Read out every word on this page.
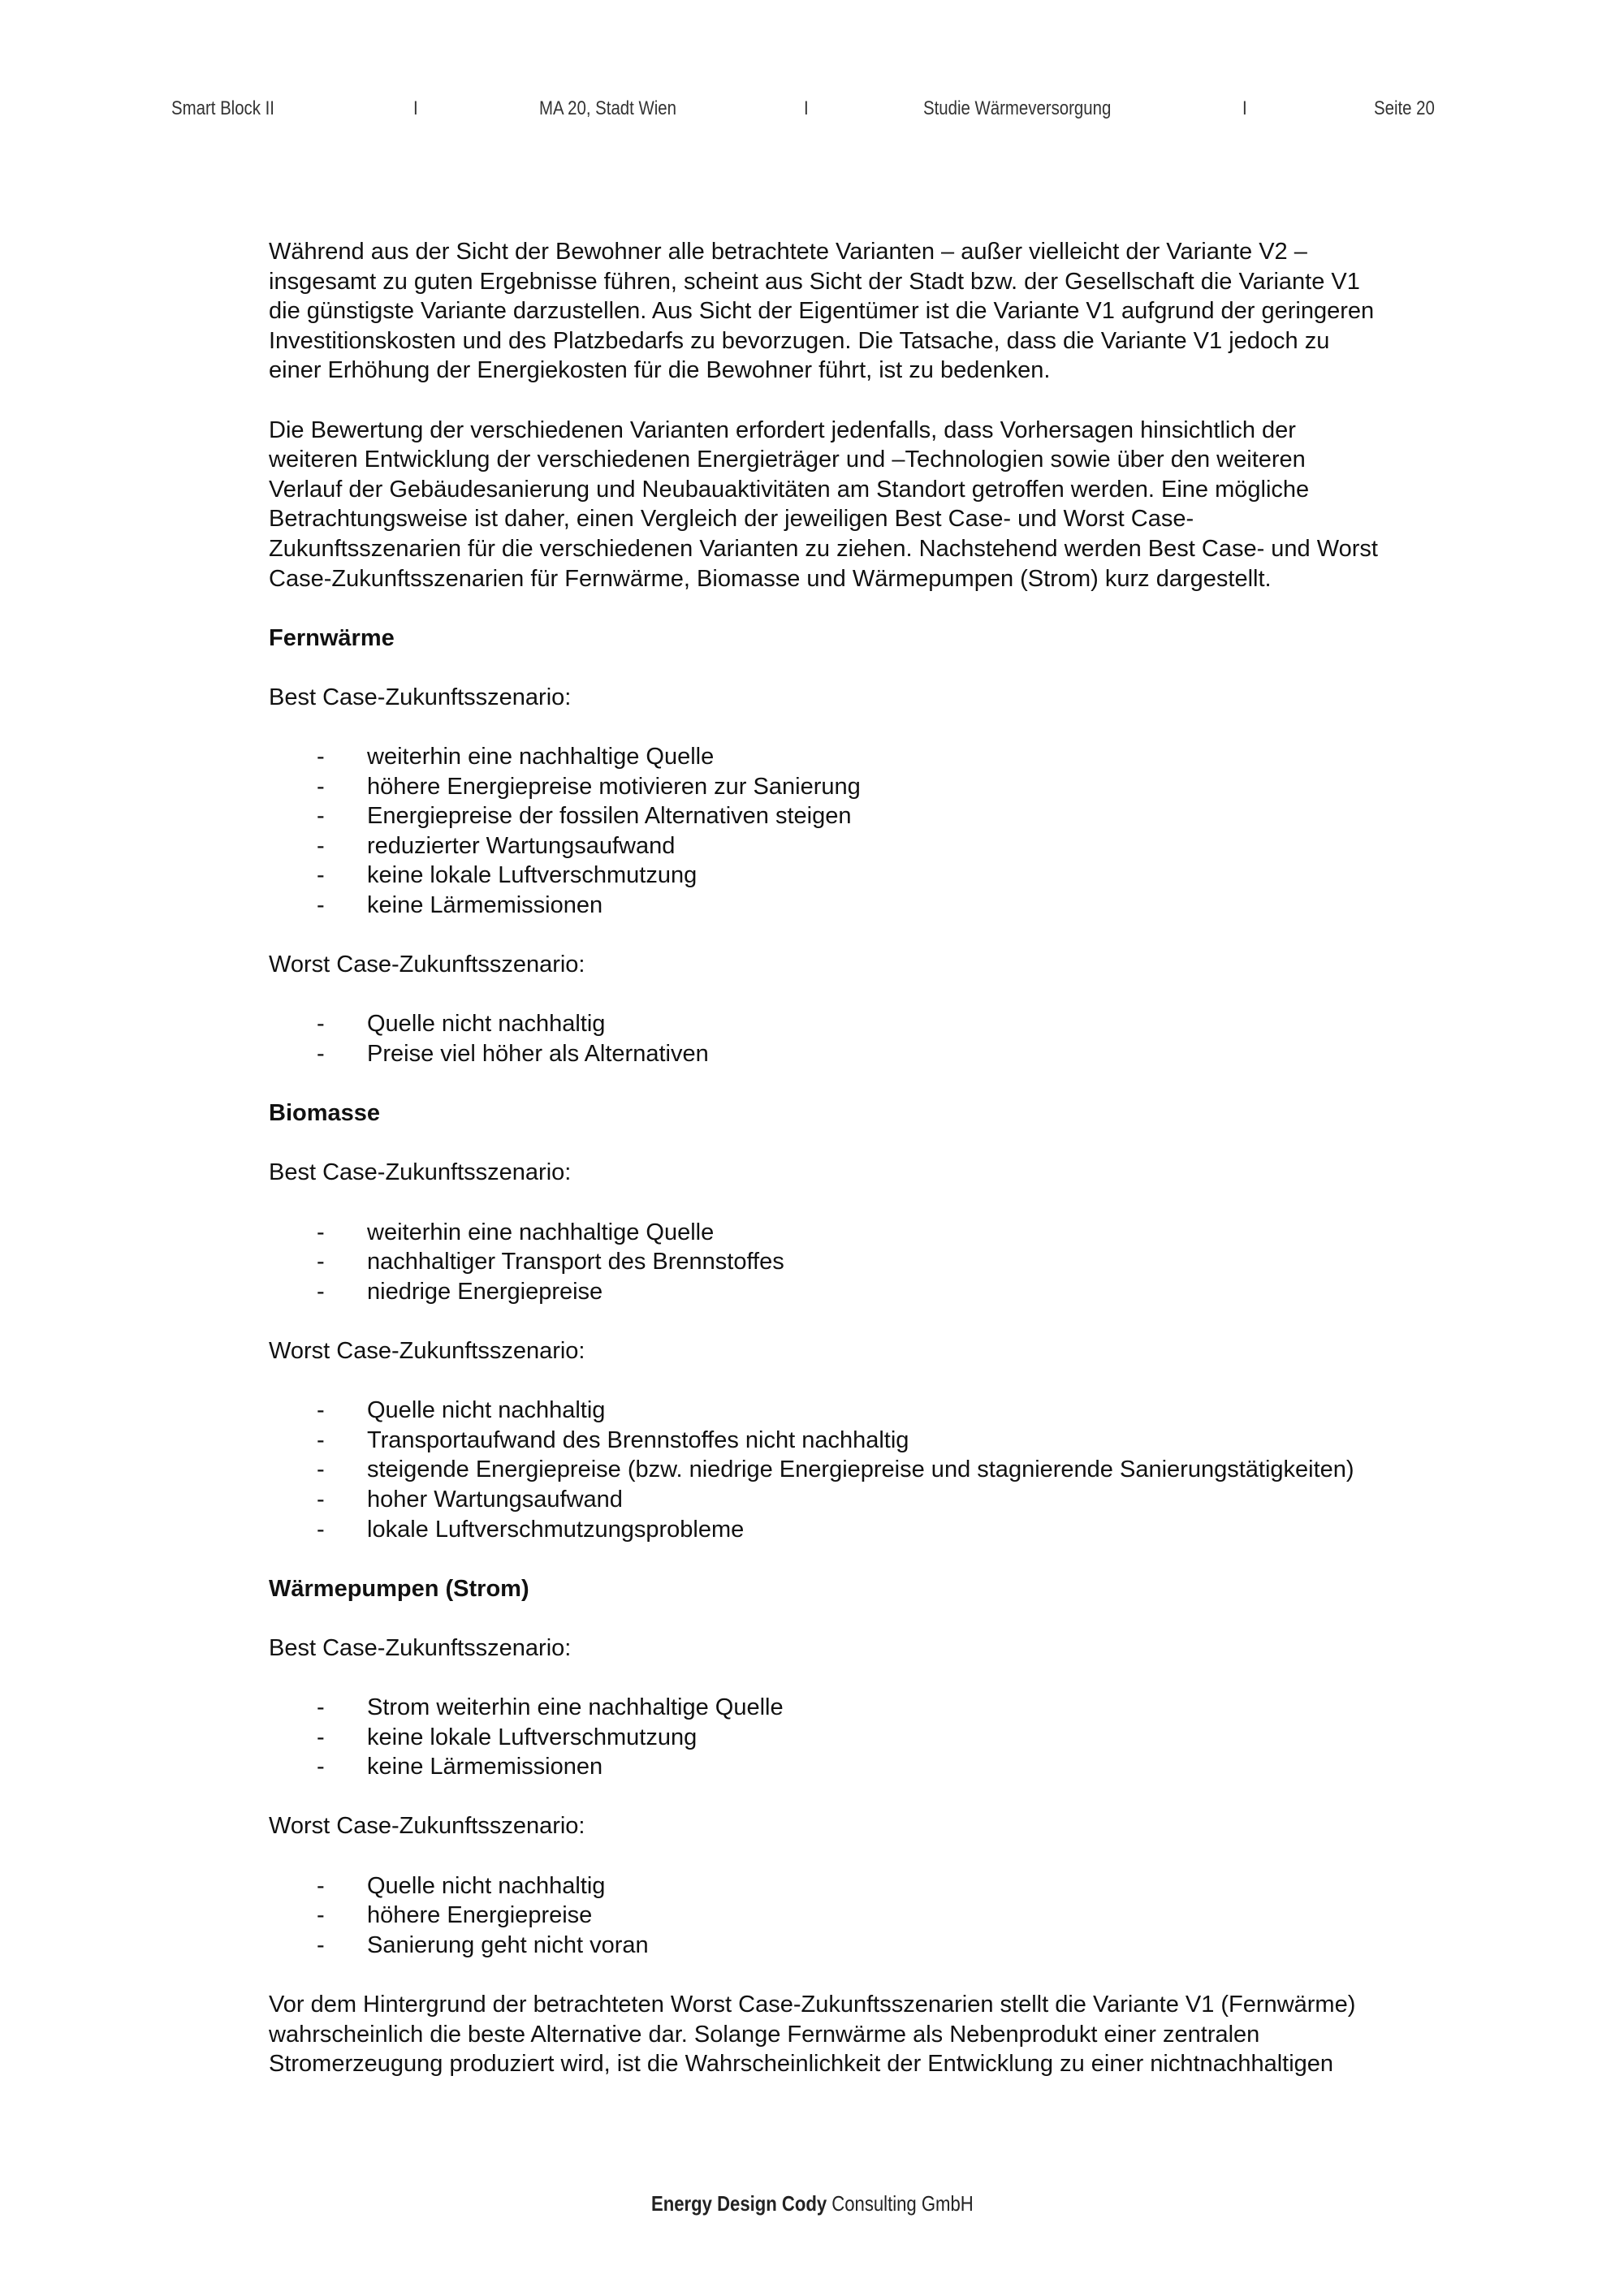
Smart Block II	I	MA 20, Stadt Wien	I	Studie Wärmeversorgung	I	Seite 20

Während aus der Sicht der Bewohner alle betrachtete Varianten – außer vielleicht der Variante V2 –
insgesamt zu guten Ergebnisse führen, scheint aus Sicht der Stadt bzw. der Gesellschaft die Variante V1
die günstigste Variante darzustellen. Aus Sicht der Eigentümer ist die Variante V1 aufgrund der geringeren
Investitionskosten und des Platzbedarfs zu bevorzugen. Die Tatsache, dass die Variante V1 jedoch zu
einer Erhöhung der Energiekosten für die Bewohner führt, ist zu bedenken.

Die Bewertung der verschiedenen Varianten erfordert jedenfalls, dass Vorhersagen hinsichtlich der
weiteren Entwicklung der verschiedenen Energieträger und –Technologien sowie über den weiteren
Verlauf der Gebäudesanierung und Neubauaktivitäten am Standort getroffen werden. Eine mögliche
Betrachtungsweise ist daher, einen Vergleich der jeweiligen Best Case- und Worst Case-
Zukunftsszenarien für die verschiedenen Varianten zu ziehen. Nachstehend werden Best Case- und Worst
Case-Zukunftsszenarien für Fernwärme, Biomasse und Wärmepumpen (Strom) kurz dargestellt.

Fernwärme
Best Case-Zukunftsszenario:
- weiterhin eine nachhaltige Quelle
- höhere Energiepreise motivieren zur Sanierung
- Energiepreise der fossilen Alternativen steigen
- reduzierter Wartungsaufwand
- keine lokale Luftverschmutzung
- keine Lärmemissionen
Worst Case-Zukunftsszenario:
- Quelle nicht nachhaltig
- Preise viel höher als Alternativen
Biomasse
Best Case-Zukunftsszenario:
- weiterhin eine nachhaltige Quelle
- nachhaltiger Transport des Brennstoffes
- niedrige Energiepreise
Worst Case-Zukunftsszenario:
- Quelle nicht nachhaltig
- Transportaufwand des Brennstoffes nicht nachhaltig
- steigende Energiepreise (bzw. niedrige Energiepreise und stagnierende Sanierungstätigkeiten)
- hoher Wartungsaufwand
- lokale Luftverschmutzungsprobleme
Wärmepumpen (Strom)
Best Case-Zukunftsszenario:
- Strom weiterhin eine nachhaltige Quelle
- keine lokale Luftverschmutzung
- keine Lärmemissionen
Worst Case-Zukunftsszenario:
- Quelle nicht nachhaltig
- höhere Energiepreise
- Sanierung geht nicht voran

Vor dem Hintergrund der betrachteten Worst Case-Zukunftsszenarien stellt die Variante V1 (Fernwärme)
wahrscheinlich die beste Alternative dar. Solange Fernwärme als Nebenprodukt einer zentralen
Stromerzeugung produziert wird, ist die Wahrscheinlichkeit der Entwicklung zu einer nichtnachhaltigen

Energy Design Cody Consulting GmbH
